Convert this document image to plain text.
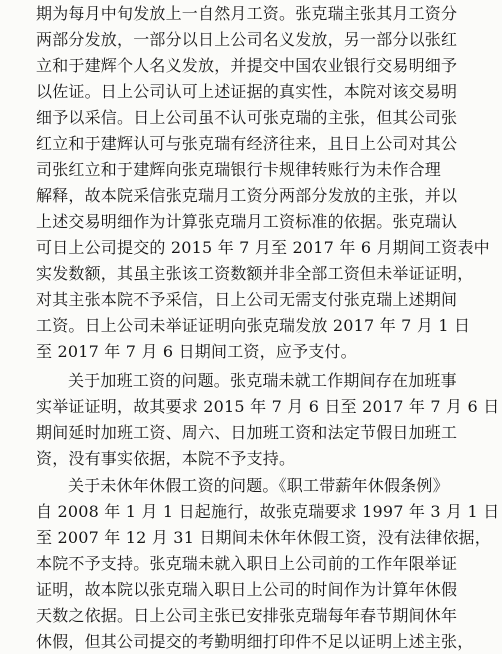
期为每月中旬发放上一自然月工资。张克瑞主张其月工资分
两部分发放，一部分以日上公司名义发放，另一部分以张红
立和于建辉个人名义发放，并提交中国农业银行交易明细予
以佐证。日上公司认可上述证据的真实性，本院对该交易明
细予以采信。日上公司虽不认可张克瑞的主张，但其公司张
红立和于建辉认可与张克瑞有经济往来，且日上公司对其公
司张红立和于建辉向张克瑞银行卡规律转账行为未作合理
解释，故本院采信张克瑞月工资分两部分发放的主张，并以
上述交易明细作为计算张克瑞月工资标准的依据。张克瑞认
可日上公司提交的 2015 年 7 月至 2017 年 6 月期间工资表中
实发数额，其虽主张该工资数额并非全部工资但未举证证明，
对其主张本院不予采信，日上公司无需支付张克瑞上述期间
工资。日上公司未举证证明向张克瑞发放 2017 年 7 月 1 日
至 2017 年 7 月 6 日期间工资，应予支付。
关于加班工资的问题。张克瑞未就工作期间存在加班事
实举证证明，故其要求 2015 年 7 月 6 日至 2017 年 7 月 6 日
期间延时加班工资、周六、日加班工资和法定节假日加班工
资，没有事实依据，本院不予支持。
关于未休年休假工资的问题。《职工带薪年休假条例》
自 2008 年 1 月 1 日起施行，故张克瑞要求 1997 年 3 月 1 日
至 2007 年 12 月 31 日期间未休年休假工资，没有法律依据，
本院不予支持。张克瑞未就入职日上公司前的工作年限举证
证明，故本院以张克瑞入职日上公司的时间作为计算年休假
天数之依据。日上公司主张已安排张克瑞每年春节期间休年
休假，但其公司提交的考勤明细打印件不足以证明上述主张，
